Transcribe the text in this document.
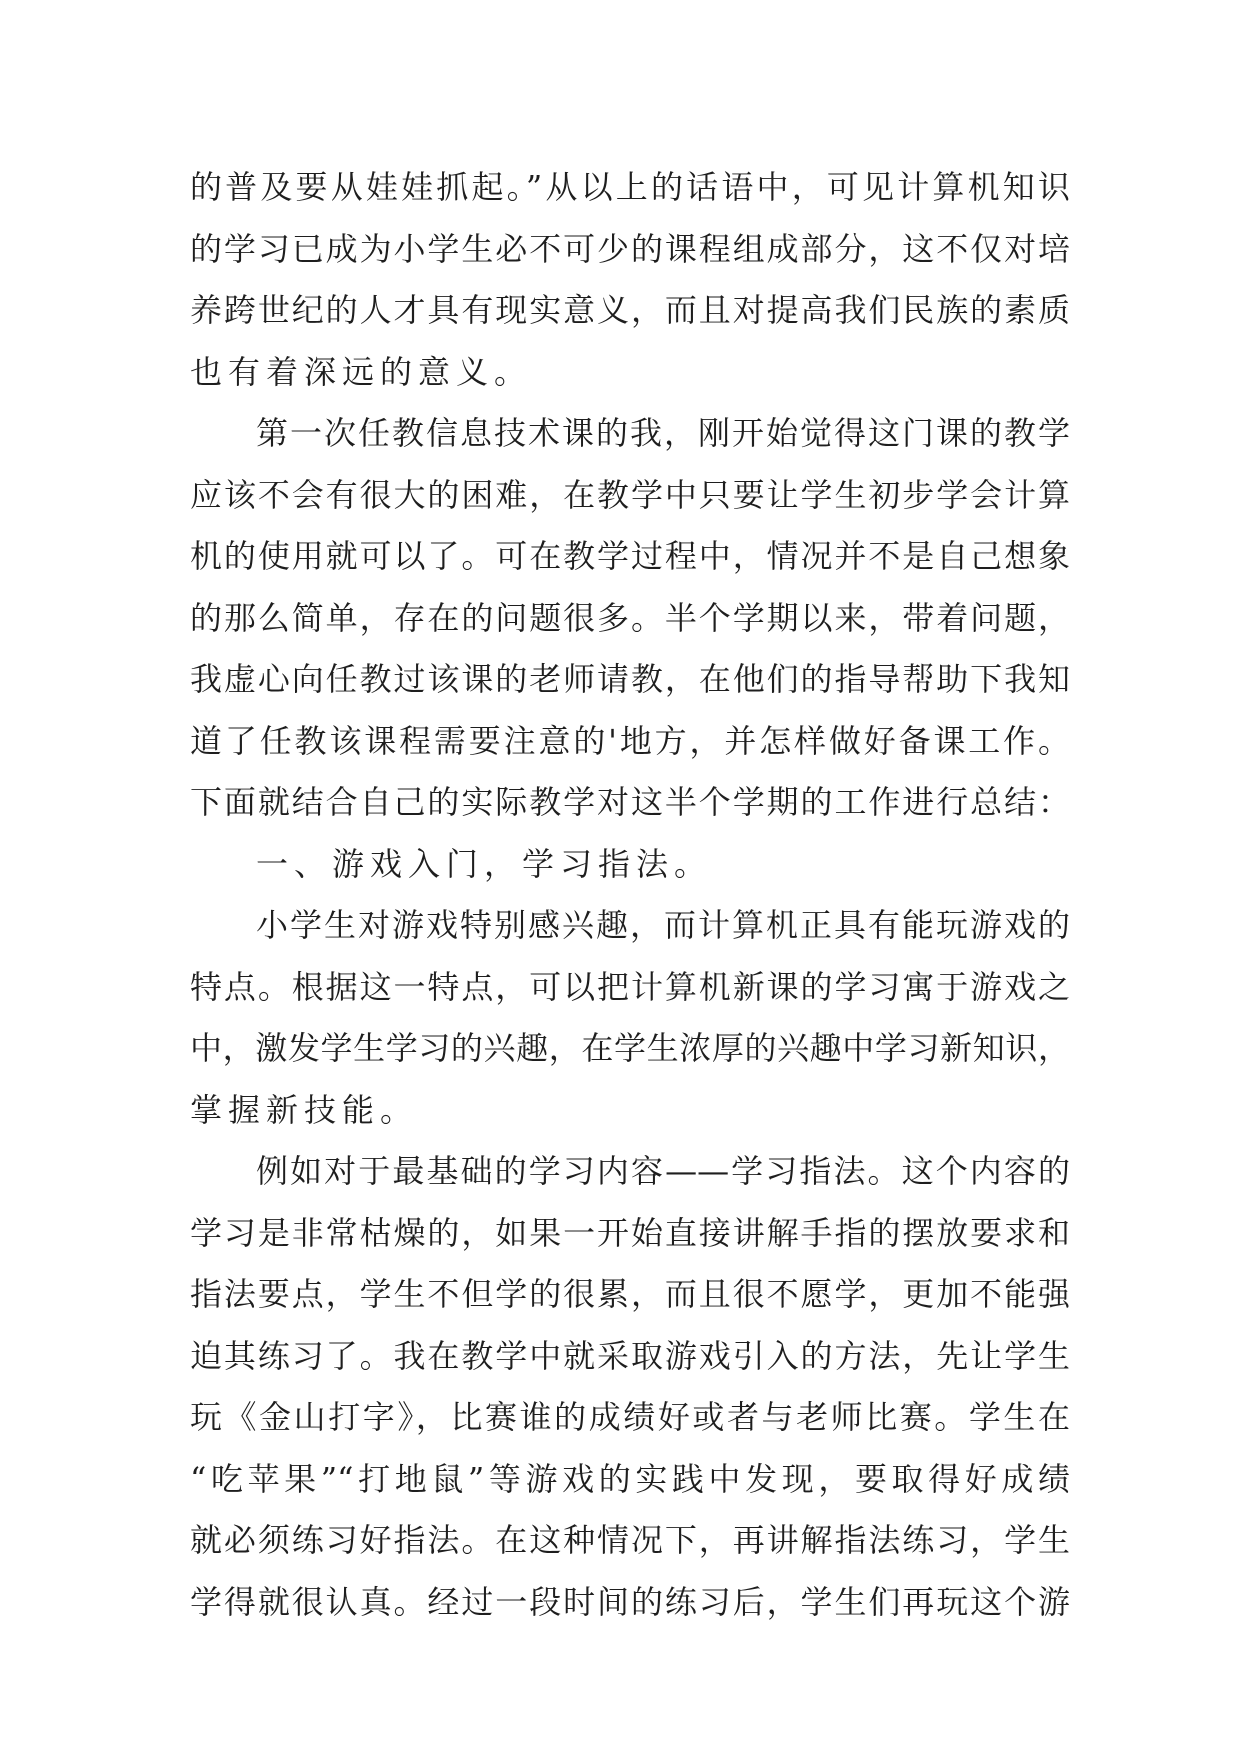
的普及要从娃娃抓起。”从以上的话语中，可见计算机知识
的学习已成为小学生必不可少的课程组成部分，这不仅对培
养跨世纪的人才具有现实意义，而且对提高我们民族的素质
也有着深远的意义。
第一次任教信息技术课的我，刚开始觉得这门课的教学
应该不会有很大的困难，在教学中只要让学生初步学会计算
机的使用就可以了。可在教学过程中，情况并不是自己想象
的那么简单，存在的问题很多。半个学期以来，带着问题，
我虚心向任教过该课的老师请教，在他们的指导帮助下我知
道了任教该课程需要注意的'地方，并怎样做好备课工作。
下面就结合自己的实际教学对这半个学期的工作进行总结：
一、游戏入门，学习指法。
小学生对游戏特别感兴趣，而计算机正具有能玩游戏的
特点。根据这一特点，可以把计算机新课的学习寓于游戏之
中，激发学生学习的兴趣，在学生浓厚的兴趣中学习新知识，
掌握新技能。
例如对于最基础的学习内容——学习指法。这个内容的
学习是非常枯燥的，如果一开始直接讲解手指的摆放要求和
指法要点，学生不但学的很累，而且很不愿学，更加不能强
迫其练习了。我在教学中就采取游戏引入的方法，先让学生
玩《金山打字》，比赛谁的成绩好或者与老师比赛。学生在
“吃苹果”“打地鼠”等游戏的实践中发现，要取得好成绩
就必须练习好指法。在这种情况下，再讲解指法练习，学生
学得就很认真。经过一段时间的练习后，学生们再玩这个游
